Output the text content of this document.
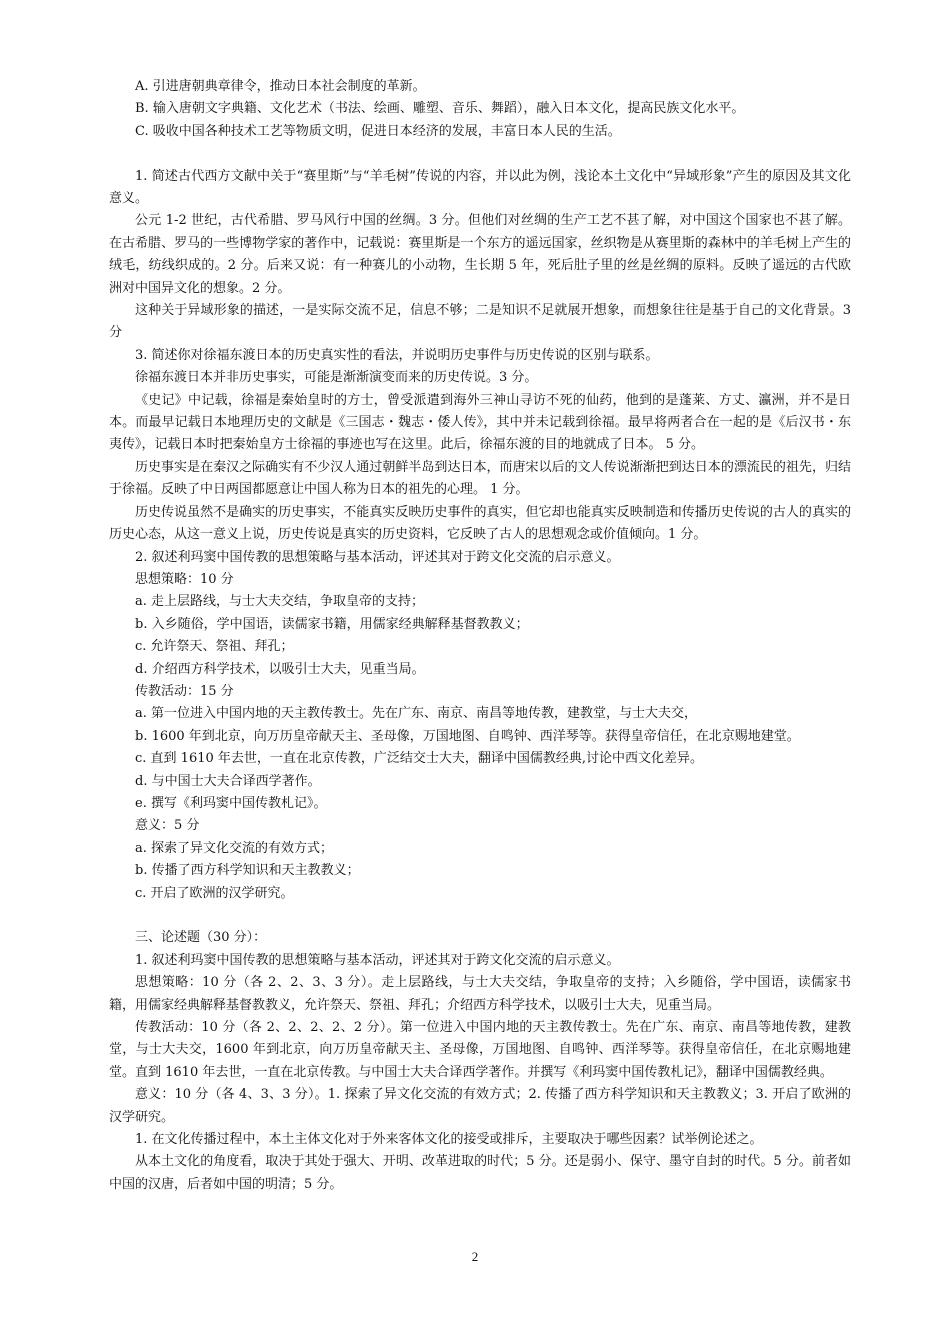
A. 引进唐朝典章律令，推动日本社会制度的革新。

B. 输入唐朝文字典籍、文化艺术（书法、绘画、雕塑、音乐、舞蹈），融入日本文化，提高民族文化水平。

C. 吸收中国各种技术工艺等物质文明，促进日本经济的发展，丰富日本人民的生活。

1. 简述古代西方文献中关于“赛里斯”与“羊毛树”传说的内容，并以此为例，浅论本土文化中“异域形象”产生的原因及其文化意义。

公元 1-2 世纪，古代希腊、罗马风行中国的丝绸。3 分。但他们对丝绸的生产工艺不甚了解，对中国这个国家也不甚了解。在古希腊、罗马的一些博物学家的著作中，记载说：赛里斯是一个东方的遥远国家，丝织物是从赛里斯的森林中的羊毛树上产生的绒毛，纺线织成的。2 分。后来又说：有一种赛儿的小动物，生长期 5 年，死后肚子里的丝是丝绸的原料。反映了遥远的古代欧洲对中国异文化的想象。2 分。

这种关于异域形象的描述，一是实际交流不足，信息不够；二是知识不足就展开想象，而想象往往是基于自己的文化背景。3 分

3. 简述你对徐福东渡日本的历史真实性的看法，并说明历史事件与历史传说的区别与联系。

徐福东渡日本并非历史事实，可能是渐渐演变而来的历史传说。3 分。

《史记》中记载，徐福是秦始皇时的方士，曾受派遣到海外三神山寻访不死的仙药，他到的是蓬莱、方丈、瀛洲，并不是日本。而最早记载日本地理历史的文献是《三国志・魏志・倭人传》，其中并未记载到徐福。最早将两者合在一起的是《后汉书・东夷传》，记载日本时把秦始皇方士徐福的事迹也写在这里。此后，徐福东渡的目的地就成了日本。 5 分。

历史事实是在秦汉之际确实有不少汉人通过朝鲜半岛到达日本，而唐宋以后的文人传说渐渐把到达日本的漂流民的祖先，归结于徐福。反映了中日两国都愿意让中国人称为日本的祖先的心理。 1 分。

历史传说虽然不是确实的历史事实，不能真实反映历史事件的真实，但它却也能真实反映制造和传播历史传说的古人的真实的历史心态，从这一意义上说，历史传说是真实的历史资料，它反映了古人的思想观念或价值倾向。1 分。

2. 叙述利玛窦中国传教的思想策略与基本活动，评述其对于跨文化交流的启示意义。

思想策略：10 分

a. 走上层路线，与士大夫交结，争取皇帝的支持；

b. 入乡随俗，学中国语，读儒家书籍，用儒家经典解释基督教教义；

c. 允许祭天、祭祖、拜孔；

d. 介绍西方科学技术，以吸引士大夫，见重当局。

传教活动：15 分

a. 第一位进入中国内地的天主教传教士。先在广东、南京、南昌等地传教，建教堂，与士大夫交，

b. 1600 年到北京，向万历皇帝献天主、圣母像，万国地图、自鸣钟、西洋琴等。获得皇帝信任，在北京赐地建堂。

c. 直到 1610 年去世，一直在北京传教，广泛结交士大夫，翻译中国儒教经典,讨论中西文化差异。

d. 与中国士大夫合译西学著作。

e. 撰写《利玛窦中国传教札记》。

意义：5 分

a. 探索了异文化交流的有效方式；

b. 传播了西方科学知识和天主教教义；

c. 开启了欧洲的汉学研究。

三、论述题（30 分）：

1. 叙述利玛窦中国传教的思想策略与基本活动，评述其对于跨文化交流的启示意义。

思想策略：10 分（各 2、2、3、3 分）。走上层路线，与士大夫交结，争取皇帝的支持；入乡随俗，学中国语，读儒家书籍，用儒家经典解释基督教教义，允许祭天、祭祖、拜孔；介绍西方科学技术，以吸引士大夫，见重当局。

传教活动：10 分（各 2、2、2、2、2 分）。第一位进入中国内地的天主教传教士。先在广东、南京、南昌等地传教，建教堂，与士大夫交，1600 年到北京，向万历皇帝献天主、圣母像，万国地图、自鸣钟、西洋琴等。获得皇帝信任，在北京赐地建堂。直到 1610 年去世，一直在北京传教。与中国士大夫合译西学著作。并撰写《利玛窦中国传教札记》，翻译中国儒教经典。

意义：10 分（各 4、3、3 分）。1. 探索了异文化交流的有效方式；2. 传播了西方科学知识和天主教教义；3. 开启了欧洲的汉学研究。

1. 在文化传播过程中，本土主体文化对于外来客体文化的接受或排斥，主要取决于哪些因素？试举例论述之。

从本土文化的角度看，取决于其处于强大、开明、改革进取的时代；5 分。还是弱小、保守、墨守自封的时代。5 分。前者如中国的汉唐，后者如中国的明清；5 分。

2
